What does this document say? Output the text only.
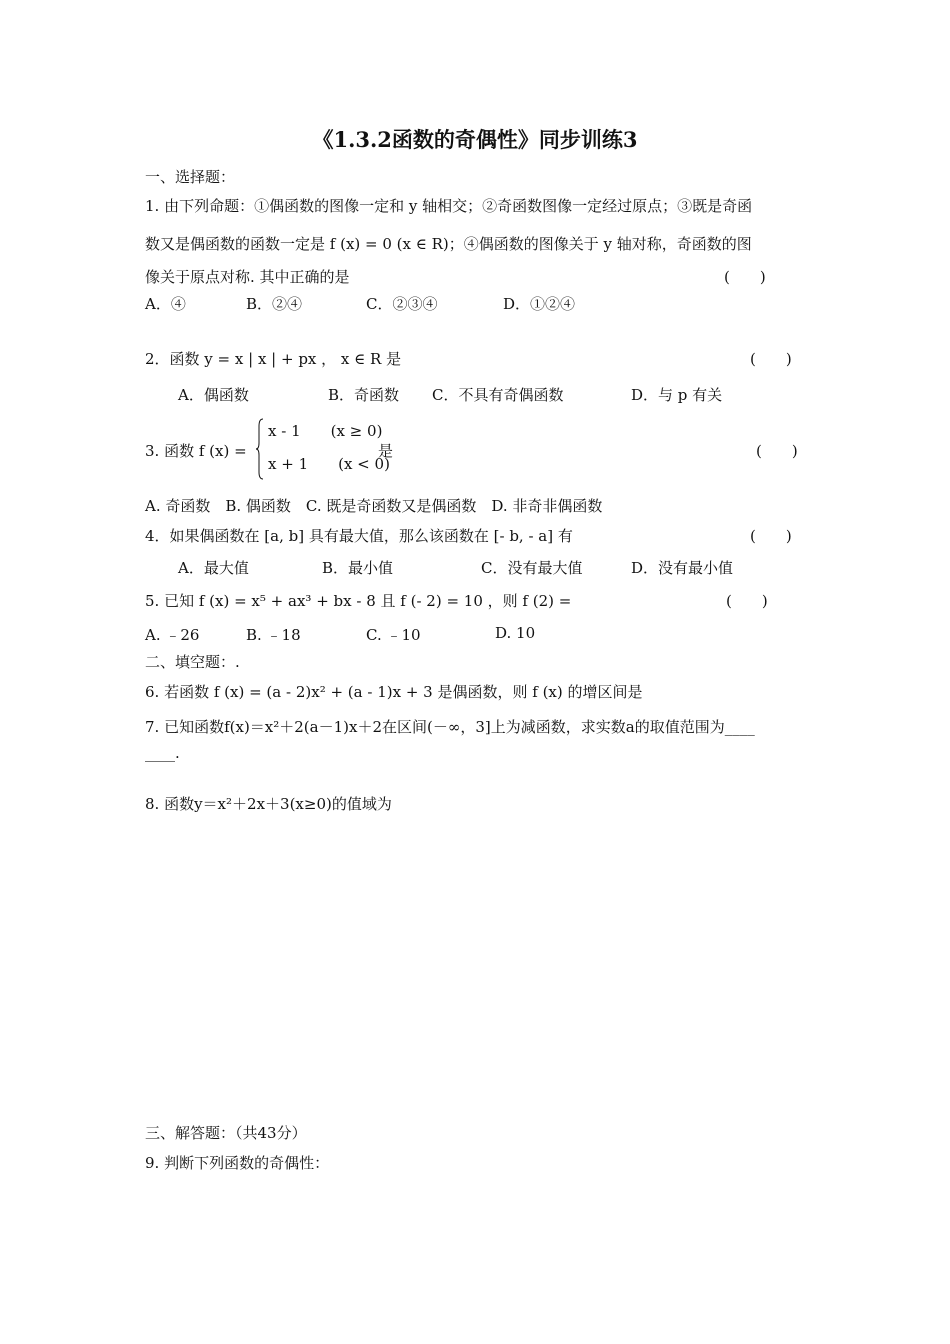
《1.3.2函数的奇偶性》同步训练3
一、选择题：
1. 由下列命题：①偶函数的图像一定和 y 轴相交；②奇函数图像一定经过原点；③既是奇函
数又是偶函数的函数一定是 f (x) = 0 (x ∈ R)；④偶函数的图像关于 y 轴对称，奇函数的图
像关于原点对称. 其中正确的是	(　　)
A．④	B．②④	C．②③④	D．①②④
2．函数 y = x | x | + px ， x ∈ R 是	(　　)
A．偶函数	B．奇函数 C．不具有奇偶函数	D．与 p 有关
3. 函数 f (x) =
x - 1　　(x ≥ 0)
x + 1　　(x < 0)
是	(　　)
A. 奇函数　B. 偶函数　C. 既是奇函数又是偶函数　D. 非奇非偶函数
4．如果偶函数在 [a, b] 具有最大值，那么该函数在 [- b, - a] 有	(　　)
A．最大值	B．最小值	C．没有最大值	D．没有最小值
5. 已知 f (x) = x⁵ + ax³ + bx - 8 且 f (- 2) = 10 ，则 f (2) =	(　　)
A. ﹣26	B. ﹣18	C. ﹣10	D. 10
二、填空题：.
6. 若函数 f (x) = (a - 2)x² + (a - 1)x + 3 是偶函数，则 f (x) 的增区间是
7. 已知函数f(x)＝x²＋2(a－1)x＋2在区间(－∞，3]上为减函数，求实数a的取值范围为____
____.
8. 函数y＝x²＋2x＋3(x≥0)的值域为
三、解答题：（共43分）
9. 判断下列函数的奇偶性：
